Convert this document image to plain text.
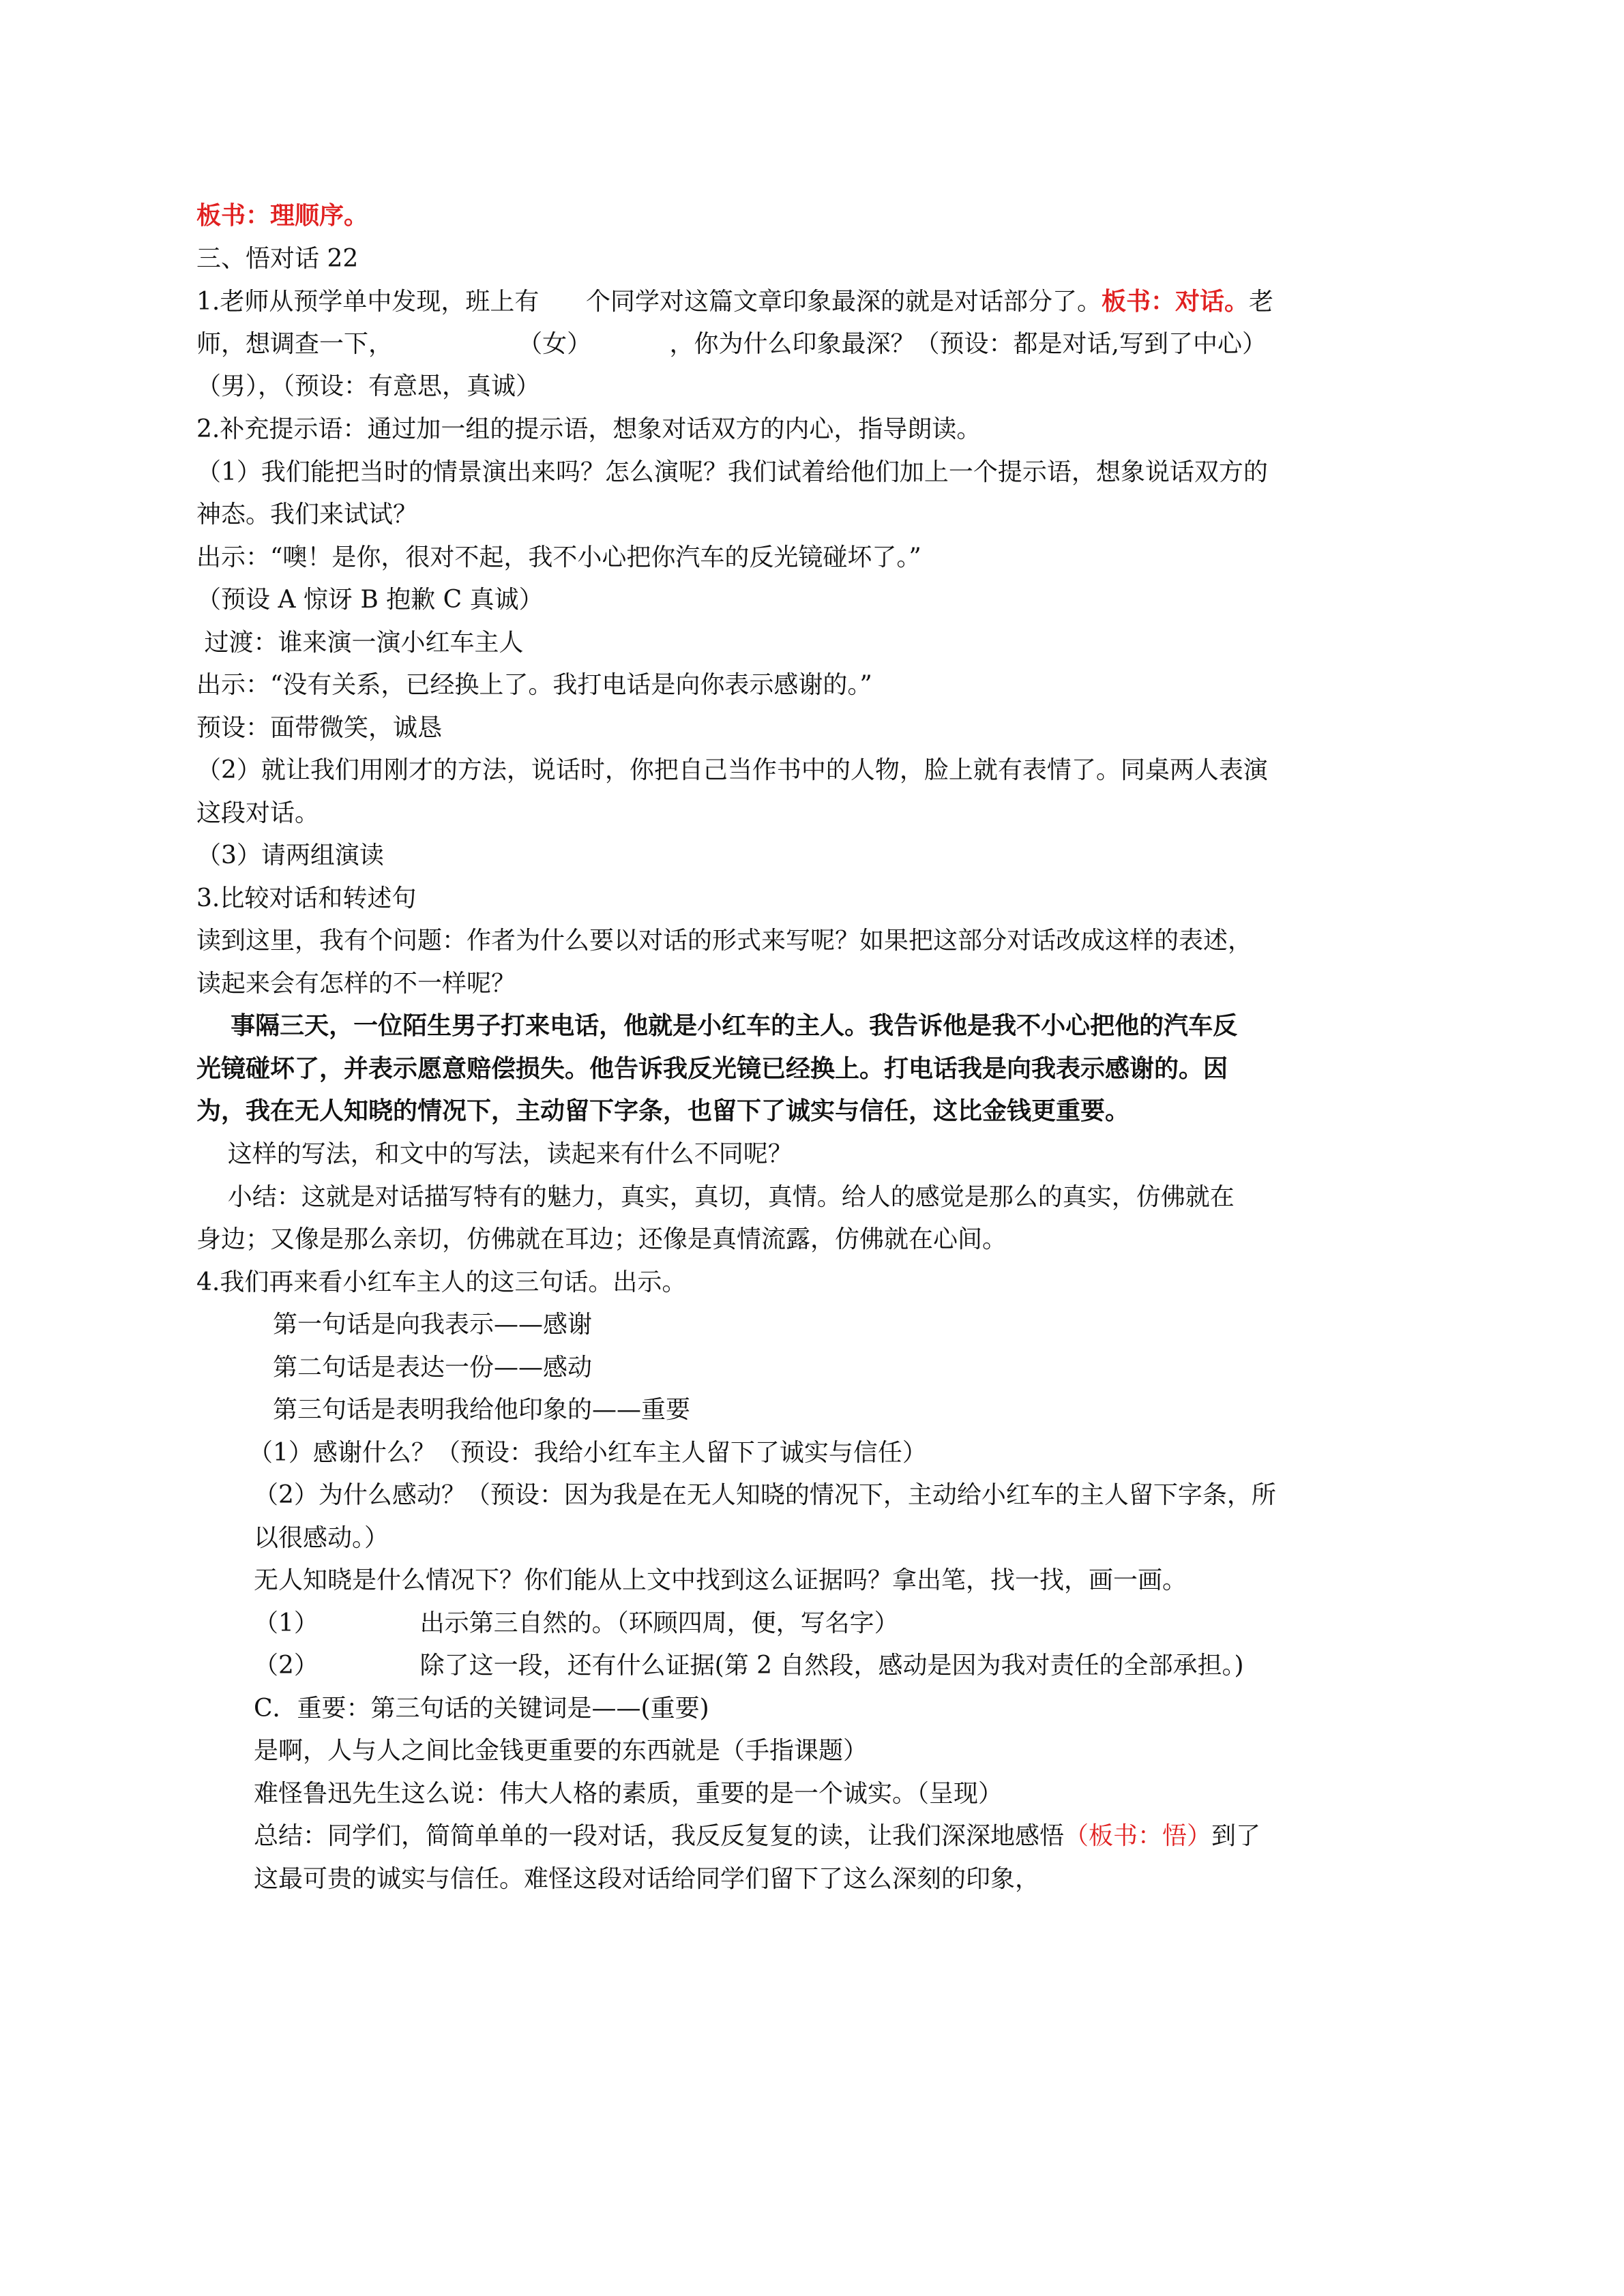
板书：理顺序。
三、悟对话 22
1.老师从预学单中发现，班上有      个同学对这篇文章印象最深的就是对话部分了。板书：对话。老
师，想调查一下，                （女）          ，你为什么印象最深？（预设：都是对话,写到了中心）
（男），（预设：有意思，真诚）
2.补充提示语：通过加一组的提示语，想象对话双方的内心，指导朗读。
（1）我们能把当时的情景演出来吗？怎么演呢？我们试着给他们加上一个提示语，想象说话双方的
神态。我们来试试？
出示：“噢！是你，很对不起，我不小心把你汽车的反光镜碰坏了。”
（预设 A 惊讶 B 抱歉 C 真诚）
过渡：谁来演一演小红车主人
出示：“没有关系，已经换上了。我打电话是向你表示感谢的。”
预设：面带微笑，诚恳
（2）就让我们用刚才的方法，说话时，你把自己当作书中的人物，脸上就有表情了。同桌两人表演
这段对话。
（3）请两组演读
3.比较对话和转述句
读到这里，我有个问题：作者为什么要以对话的形式来写呢？如果把这部分对话改成这样的表述，
读起来会有怎样的不一样呢？
事隔三天，一位陌生男子打来电话，他就是小红车的主人。我告诉他是我不小心把他的汽车反
光镜碰坏了，并表示愿意赔偿损失。他告诉我反光镜已经换上。打电话我是向我表示感谢的。因
为，我在无人知晓的情况下，主动留下字条，也留下了诚实与信任，这比金钱更重要。
这样的写法，和文中的写法，读起来有什么不同呢？
小结：这就是对话描写特有的魅力，真实，真切，真情。给人的感觉是那么的真实，仿佛就在
身边；又像是那么亲切，仿佛就在耳边；还像是真情流露，仿佛就在心间。
4.我们再来看小红车主人的这三句话。出示。
第一句话是向我表示——感谢
第二句话是表达一份——感动
第三句话是表明我给他印象的——重要
（1）感谢什么？（预设：我给小红车主人留下了诚实与信任）
（2）为什么感动？（预设：因为我是在无人知晓的情况下，主动给小红车的主人留下字条，所
以很感动。）
无人知晓是什么情况下？你们能从上文中找到这么证据吗？拿出笔，找一找，画一画。
（1）             出示第三自然的。（环顾四周，便，写名字）
（2）             除了这一段，还有什么证据(第 2 自然段，感动是因为我对责任的全部承担。)
C．重要：第三句话的关键词是——(重要)
是啊，人与人之间比金钱更重要的东西就是（手指课题）
难怪鲁迅先生这么说：伟大人格的素质，重要的是一个诚实。（呈现）
总结：同学们，简简单单的一段对话，我反反复复的读，让我们深深地感悟（板书：悟）到了
这最可贵的诚实与信任。难怪这段对话给同学们留下了这么深刻的印象，
